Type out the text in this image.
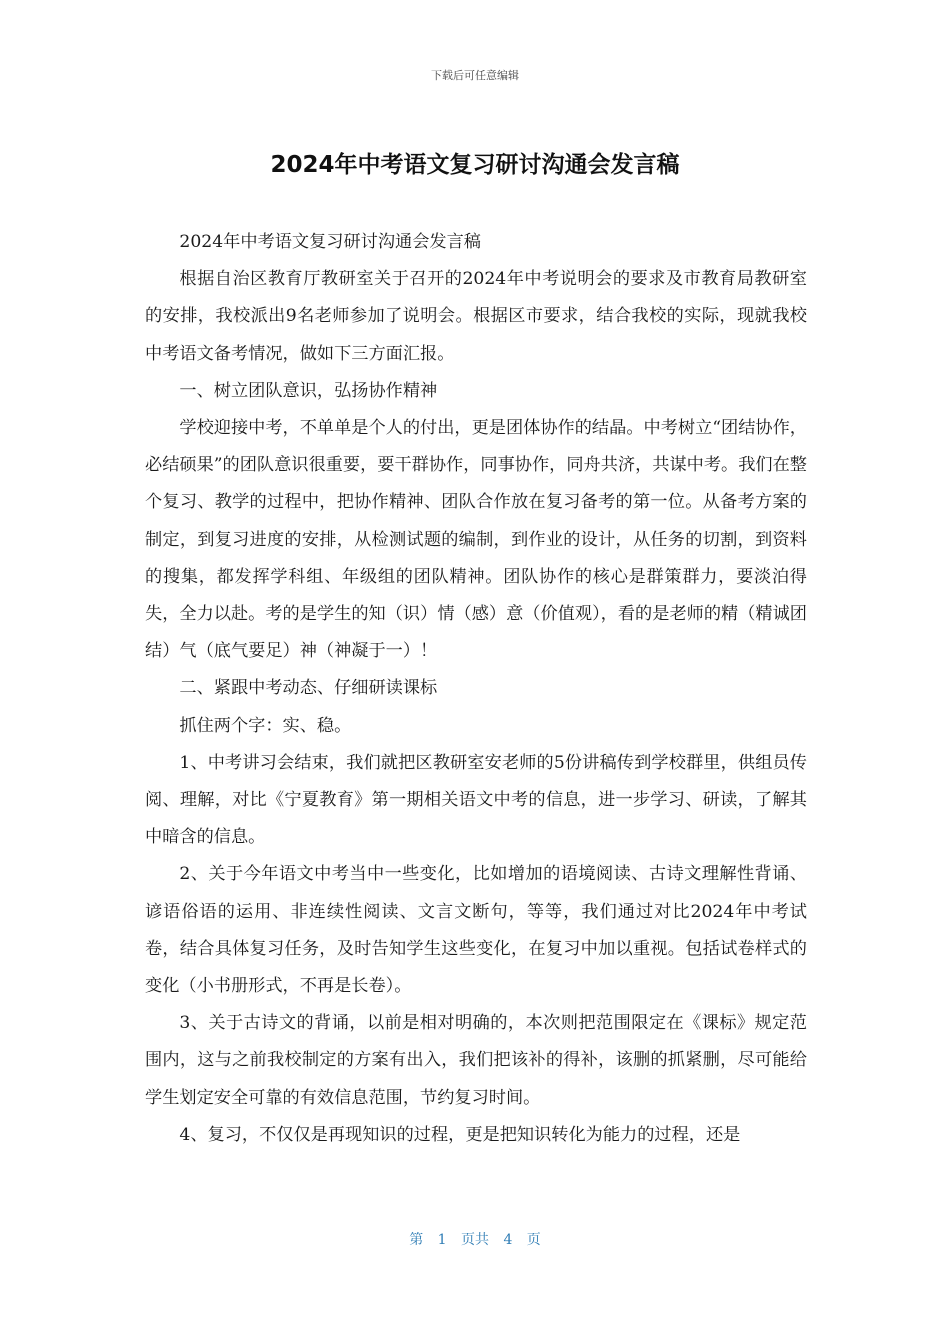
下载后可任意编辑
2024年中考语文复习研讨沟通会发言稿

2024年中考语文复习研讨沟通会发言稿

根据自治区教育厅教研室关于召开的2024年中考说明会的要求及市教育局教研室的安排，我校派出9名老师参加了说明会。根据区市要求，结合我校的实际，现就我校中考语文备考情况，做如下三方面汇报。

一、树立团队意识，弘扬协作精神

学校迎接中考，不单单是个人的付出，更是团体协作的结晶。中考树立“团结协作，必结硕果”的团队意识很重要，要干群协作，同事协作，同舟共济，共谋中考。我们在整个复习、教学的过程中，把协作精神、团队合作放在复习备考的第一位。从备考方案的制定，到复习进度的安排，从检测试题的编制，到作业的设计，从任务的切割，到资料的搜集，都发挥学科组、年级组的团队精神。团队协作的核心是群策群力，要淡泊得失，全力以赴。考的是学生的知（识）情（感）意（价值观），看的是老师的精（精诚团结）气（底气要足）神（神凝于一）！

二、紧跟中考动态、仔细研读课标

抓住两个字：实、稳。

1、中考讲习会结束，我们就把区教研室安老师的5份讲稿传到学校群里，供组员传阅、理解，对比《宁夏教育》第一期相关语文中考的信息，进一步学习、研读，了解其中暗含的信息。

2、关于今年语文中考当中一些变化，比如增加的语境阅读、古诗文理解性背诵、谚语俗语的运用、非连续性阅读、文言文断句，等等，我们通过对比2024年中考试卷，结合具体复习任务，及时告知学生这些变化，在复习中加以重视。包括试卷样式的变化（小书册形式，不再是长卷）。

3、关于古诗文的背诵，以前是相对明确的，本次则把范围限定在《课标》规定范围内，这与之前我校制定的方案有出入，我们把该补的得补，该删的抓紧删，尽可能给学生划定安全可靠的有效信息范围，节约复习时间。

4、复习，不仅仅是再现知识的过程，更是把知识转化为能力的过程，还是

第 1 页共 4 页
